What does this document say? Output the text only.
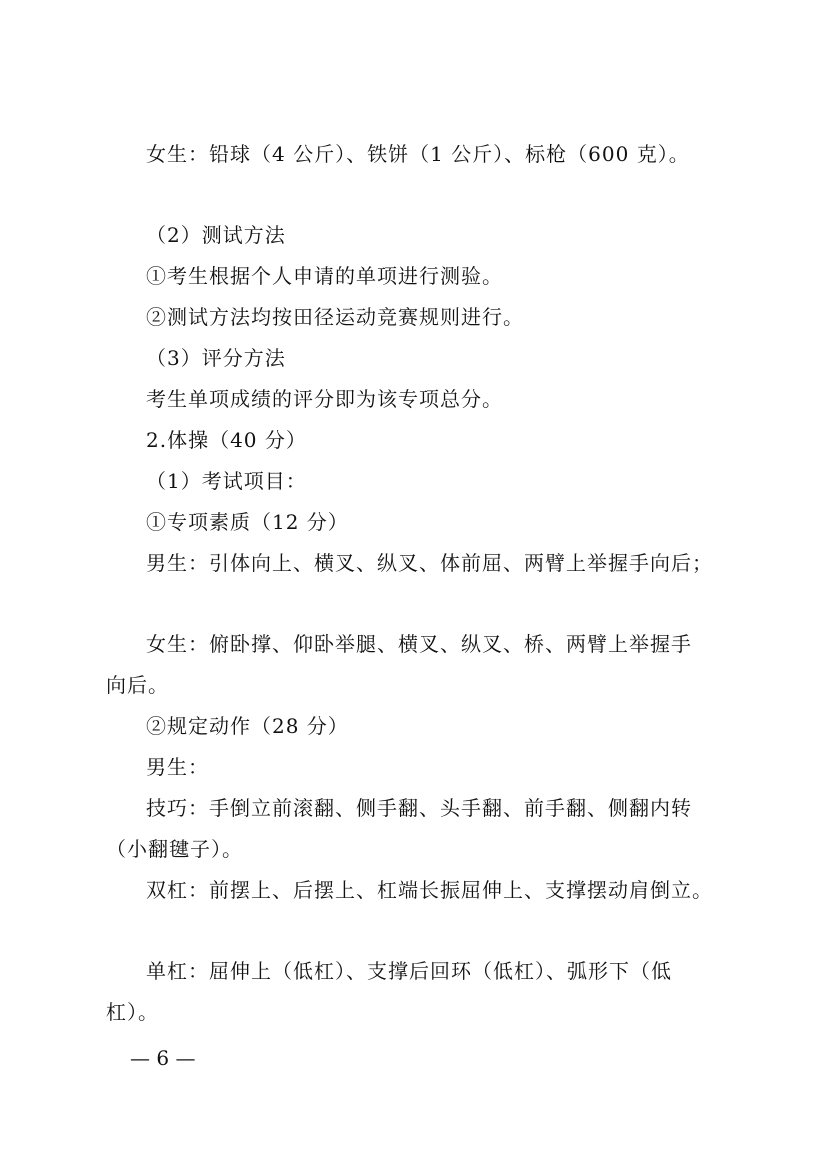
女生：铅球（4 公斤）、铁饼（1 公斤）、标枪（600 克）。
（2）测试方法
①考生根据个人申请的单项进行测验。
②测试方法均按田径运动竞赛规则进行。
（3）评分方法
考生单项成绩的评分即为该专项总分。
2.体操（40 分）
（1）考试项目：
①专项素质（12 分）
男生：引体向上、横叉、纵叉、体前屈、两臂上举握手向后；
女生：俯卧撑、仰卧举腿、横叉、纵叉、桥、两臂上举握手
向后。
②规定动作（28 分）
男生：
技巧：手倒立前滚翻、侧手翻、头手翻、前手翻、侧翻内转
（小翻毽子）。
双杠：前摆上、后摆上、杠端长振屈伸上、支撑摆动肩倒立。
单杠：屈伸上（低杠）、支撑后回环（低杠）、弧形下（低
杠）。
— 6 —
